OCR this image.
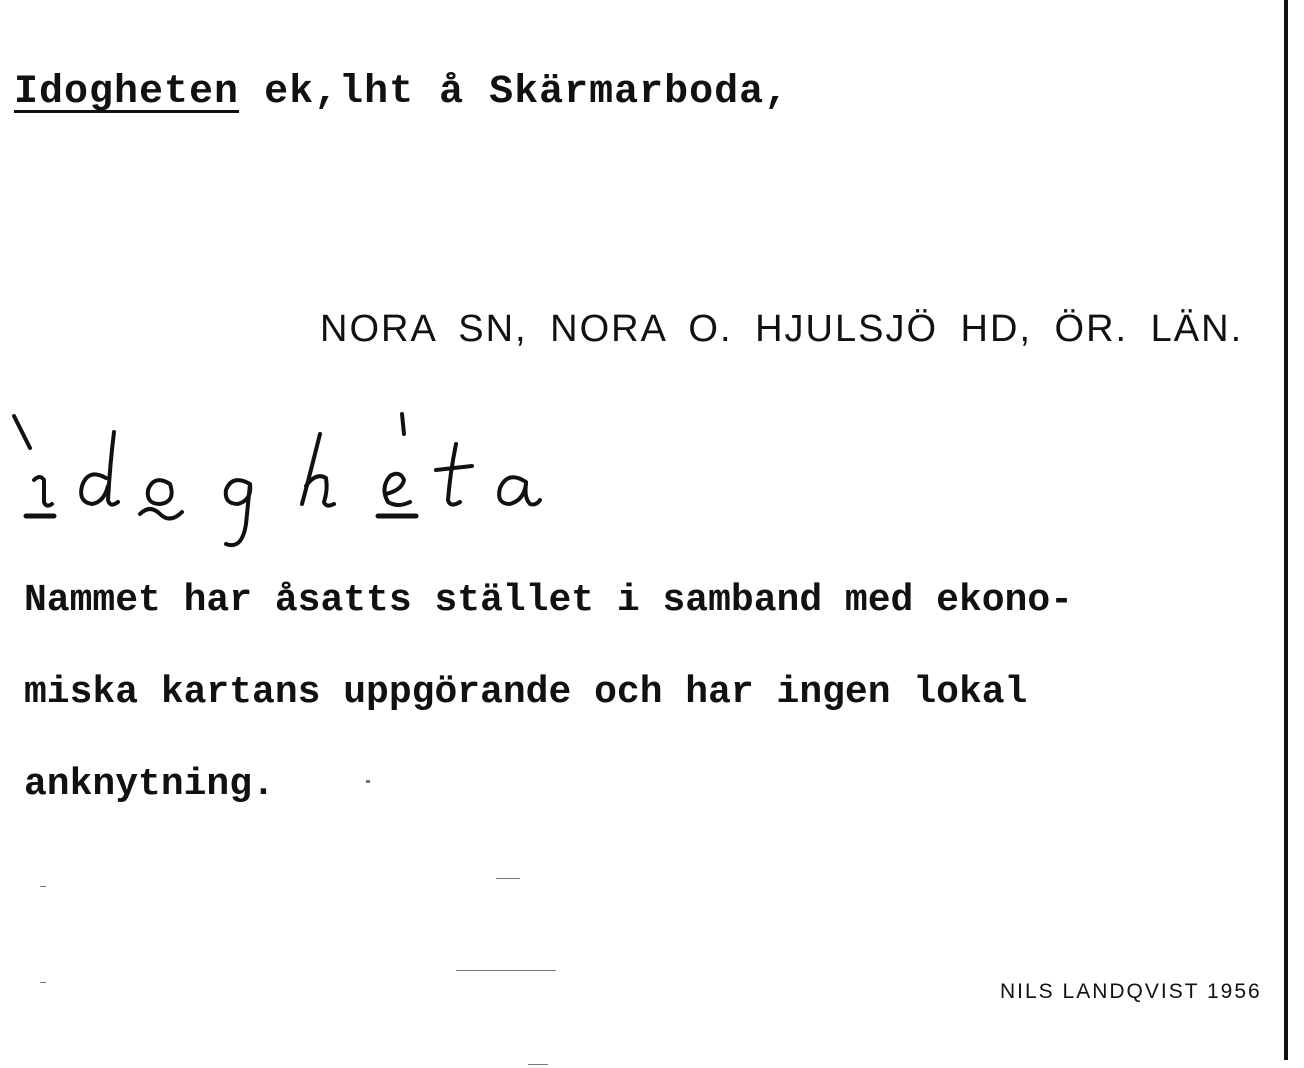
Idogheten ek,lht å Skärmarboda,
NORA SN, NORA O. HJULSJÖ HD, ÖR. LÄN.
Nammet har åsatts stället i samband med ekono-
miska kartans uppgörande och har ingen lokal
anknytning.
NILS LANDQVIST 1956
